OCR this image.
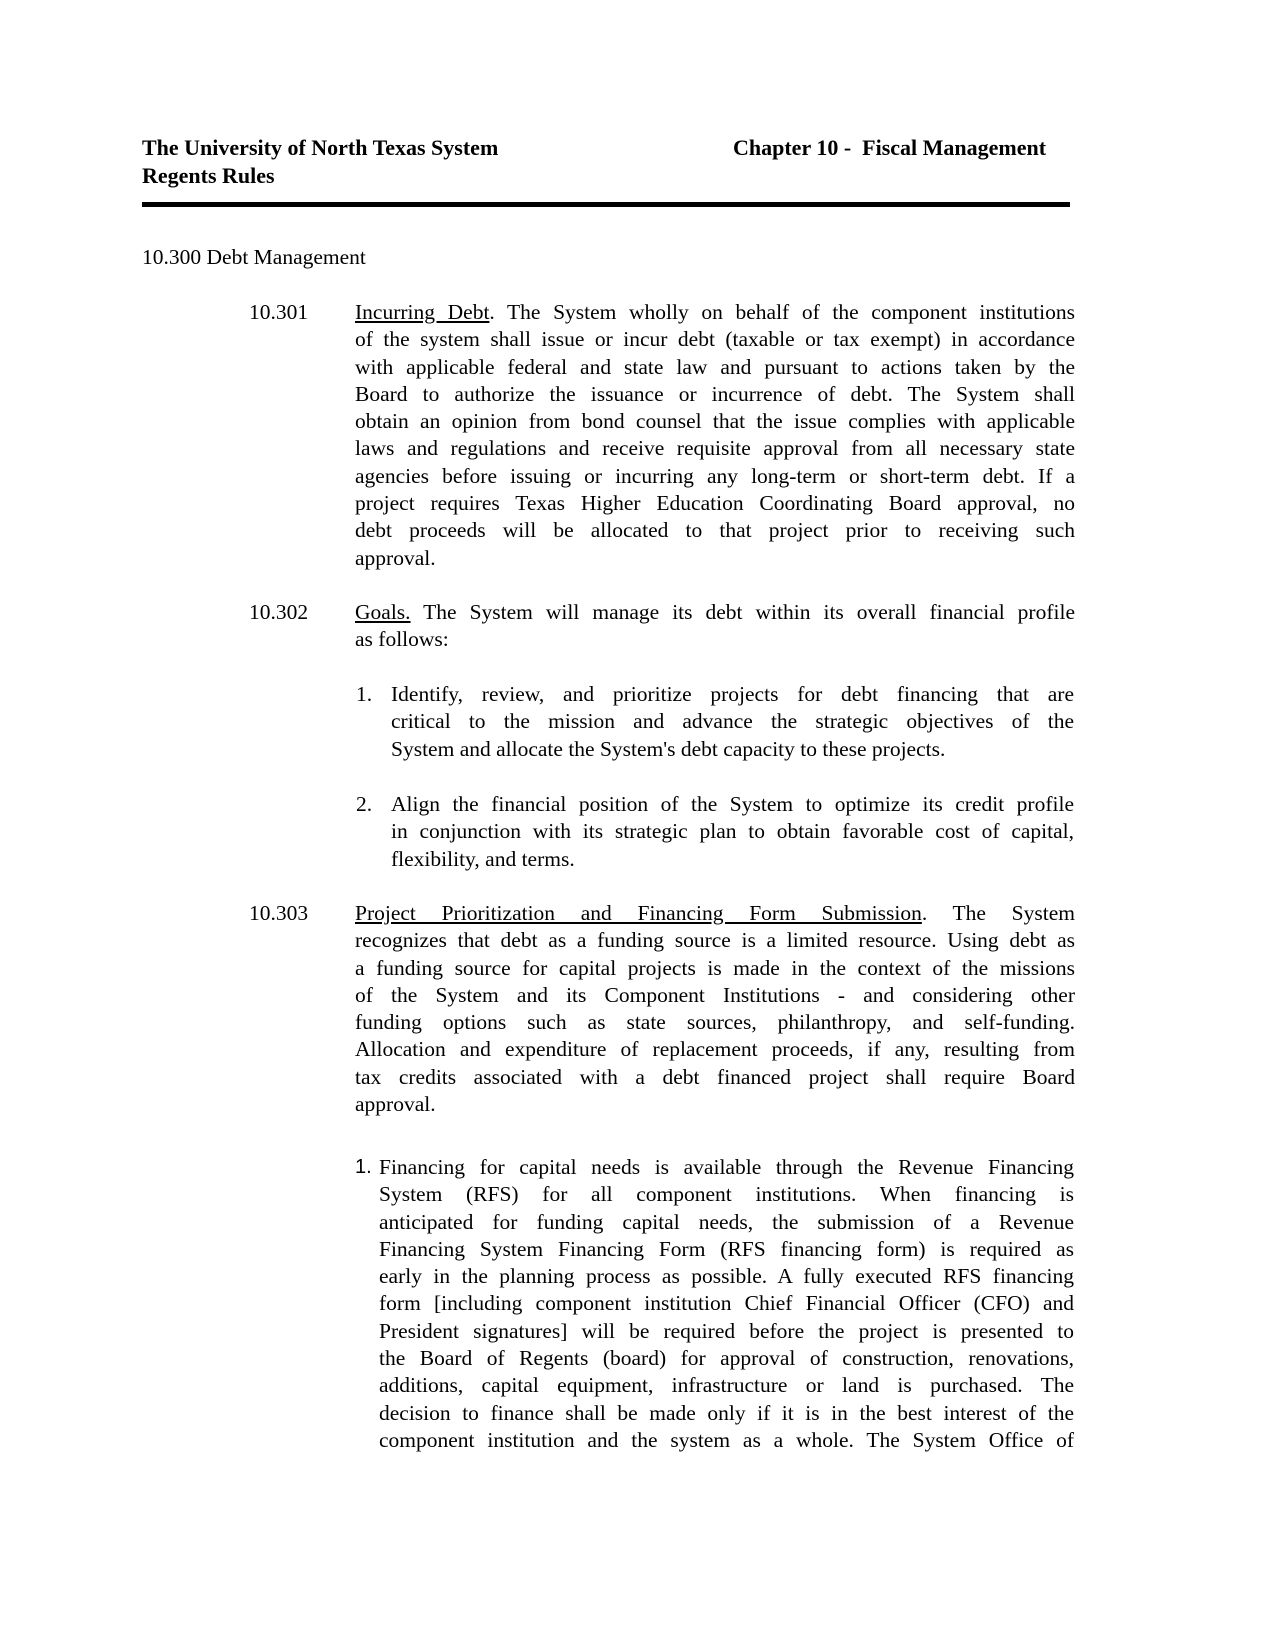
The University of North Texas System
Regents Rules
Chapter 10 -  Fiscal Management
10.300 Debt Management
10.301 Incurring Debt. The System wholly on behalf of the component institutions
of the system shall issue or incur debt (taxable or tax exempt) in accordance
with applicable federal and state law and pursuant to actions taken by the
Board to authorize the issuance or incurrence of debt. The System shall
obtain an opinion from bond counsel that the issue complies with applicable
laws and regulations and receive requisite approval from all necessary state
agencies before issuing or incurring any long-term or short-term debt. If a
project requires Texas Higher Education Coordinating Board approval, no
debt proceeds will be allocated to that project prior to receiving such
approval.
10.302 Goals. The System will manage its debt within its overall financial profile
as follows:
10.303 Project Prioritization and Financing Form Submission. The System
recognizes that debt as a funding source is a limited resource. Using debt as
a funding source for capital projects is made in the context of the missions
of the System and its Component Institutions - and considering other
funding options such as state sources, philanthropy, and self-funding.
Allocation and expenditure of replacement proceeds, if any, resulting from
tax credits associated with a debt financed project shall require Board
approval.
1. Identify, review, and prioritize projects for debt financing that are
critical to the mission and advance the strategic objectives of the
System and allocate the System's debt capacity to these projects.
2. Align the financial position of the System to optimize its credit profile
in conjunction with its strategic plan to obtain favorable cost of capital,
flexibility, and terms.
1. Financing for capital needs is available through the Revenue Financing
System (RFS) for all component institutions. When financing is
anticipated for funding capital needs, the submission of a Revenue
Financing System Financing Form (RFS financing form) is required as
early in the planning process as possible. A fully executed RFS financing
form [including component institution Chief Financial Officer (CFO) and
President signatures] will be required before the project is presented to
the Board of Regents (board) for approval of construction, renovations,
additions, capital equipment, infrastructure or land is purchased. The
decision to finance shall be made only if it is in the best interest of the
component institution and the system as a whole. The System Office of
